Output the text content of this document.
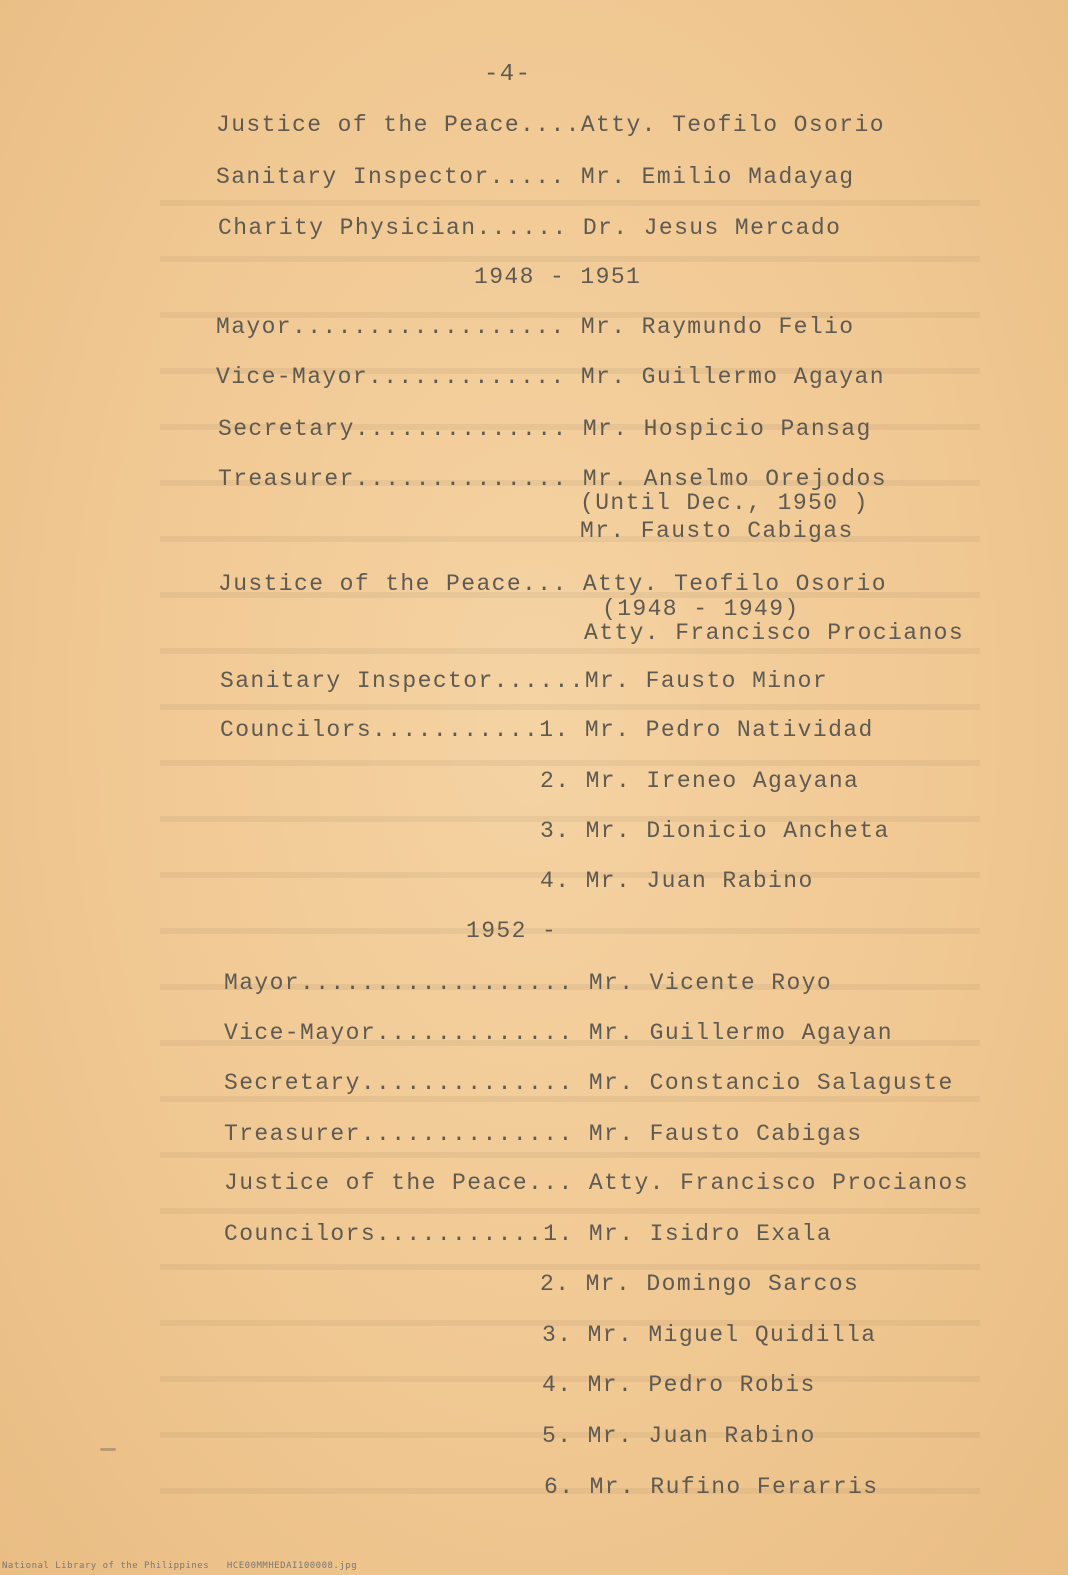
-4-
Justice of the Peace....Atty. Teofilo Osorio
Sanitary Inspector..... Mr. Emilio Madayag
Charity Physician...... Dr. Jesus Mercado
1948 - 1951
Mayor.................. Mr. Raymundo Felio
Vice-Mayor............. Mr. Guillermo Agayan
Secretary.............. Mr. Hospicio Pansag
Treasurer.............. Mr. Anselmo Orejodos
(Until Dec., 1950 )
Mr. Fausto Cabigas
Justice of the Peace... Atty. Teofilo Osorio
(1948 - 1949)
Atty. Francisco Procianos
Sanitary Inspector......Mr. Fausto Minor
Councilors...........1. Mr. Pedro Natividad
2. Mr. Ireneo Agayana
3. Mr. Dionicio Ancheta
4. Mr. Juan Rabino
1952 -
Mayor.................. Mr. Vicente Royo
Vice-Mayor............. Mr. Guillermo Agayan
Secretary.............. Mr. Constancio Salaguste
Treasurer.............. Mr. Fausto Cabigas
Justice of the Peace... Atty. Francisco Procianos
Councilors...........1. Mr. Isidro Exala
2. Mr. Domingo Sarcos
3. Mr. Miguel Quidilla
4. Mr. Pedro Robis
5. Mr. Juan Rabino
6. Mr. Rufino Ferarris
National Library of the Philippines   HCE00MMHEDAI100008.jpg
